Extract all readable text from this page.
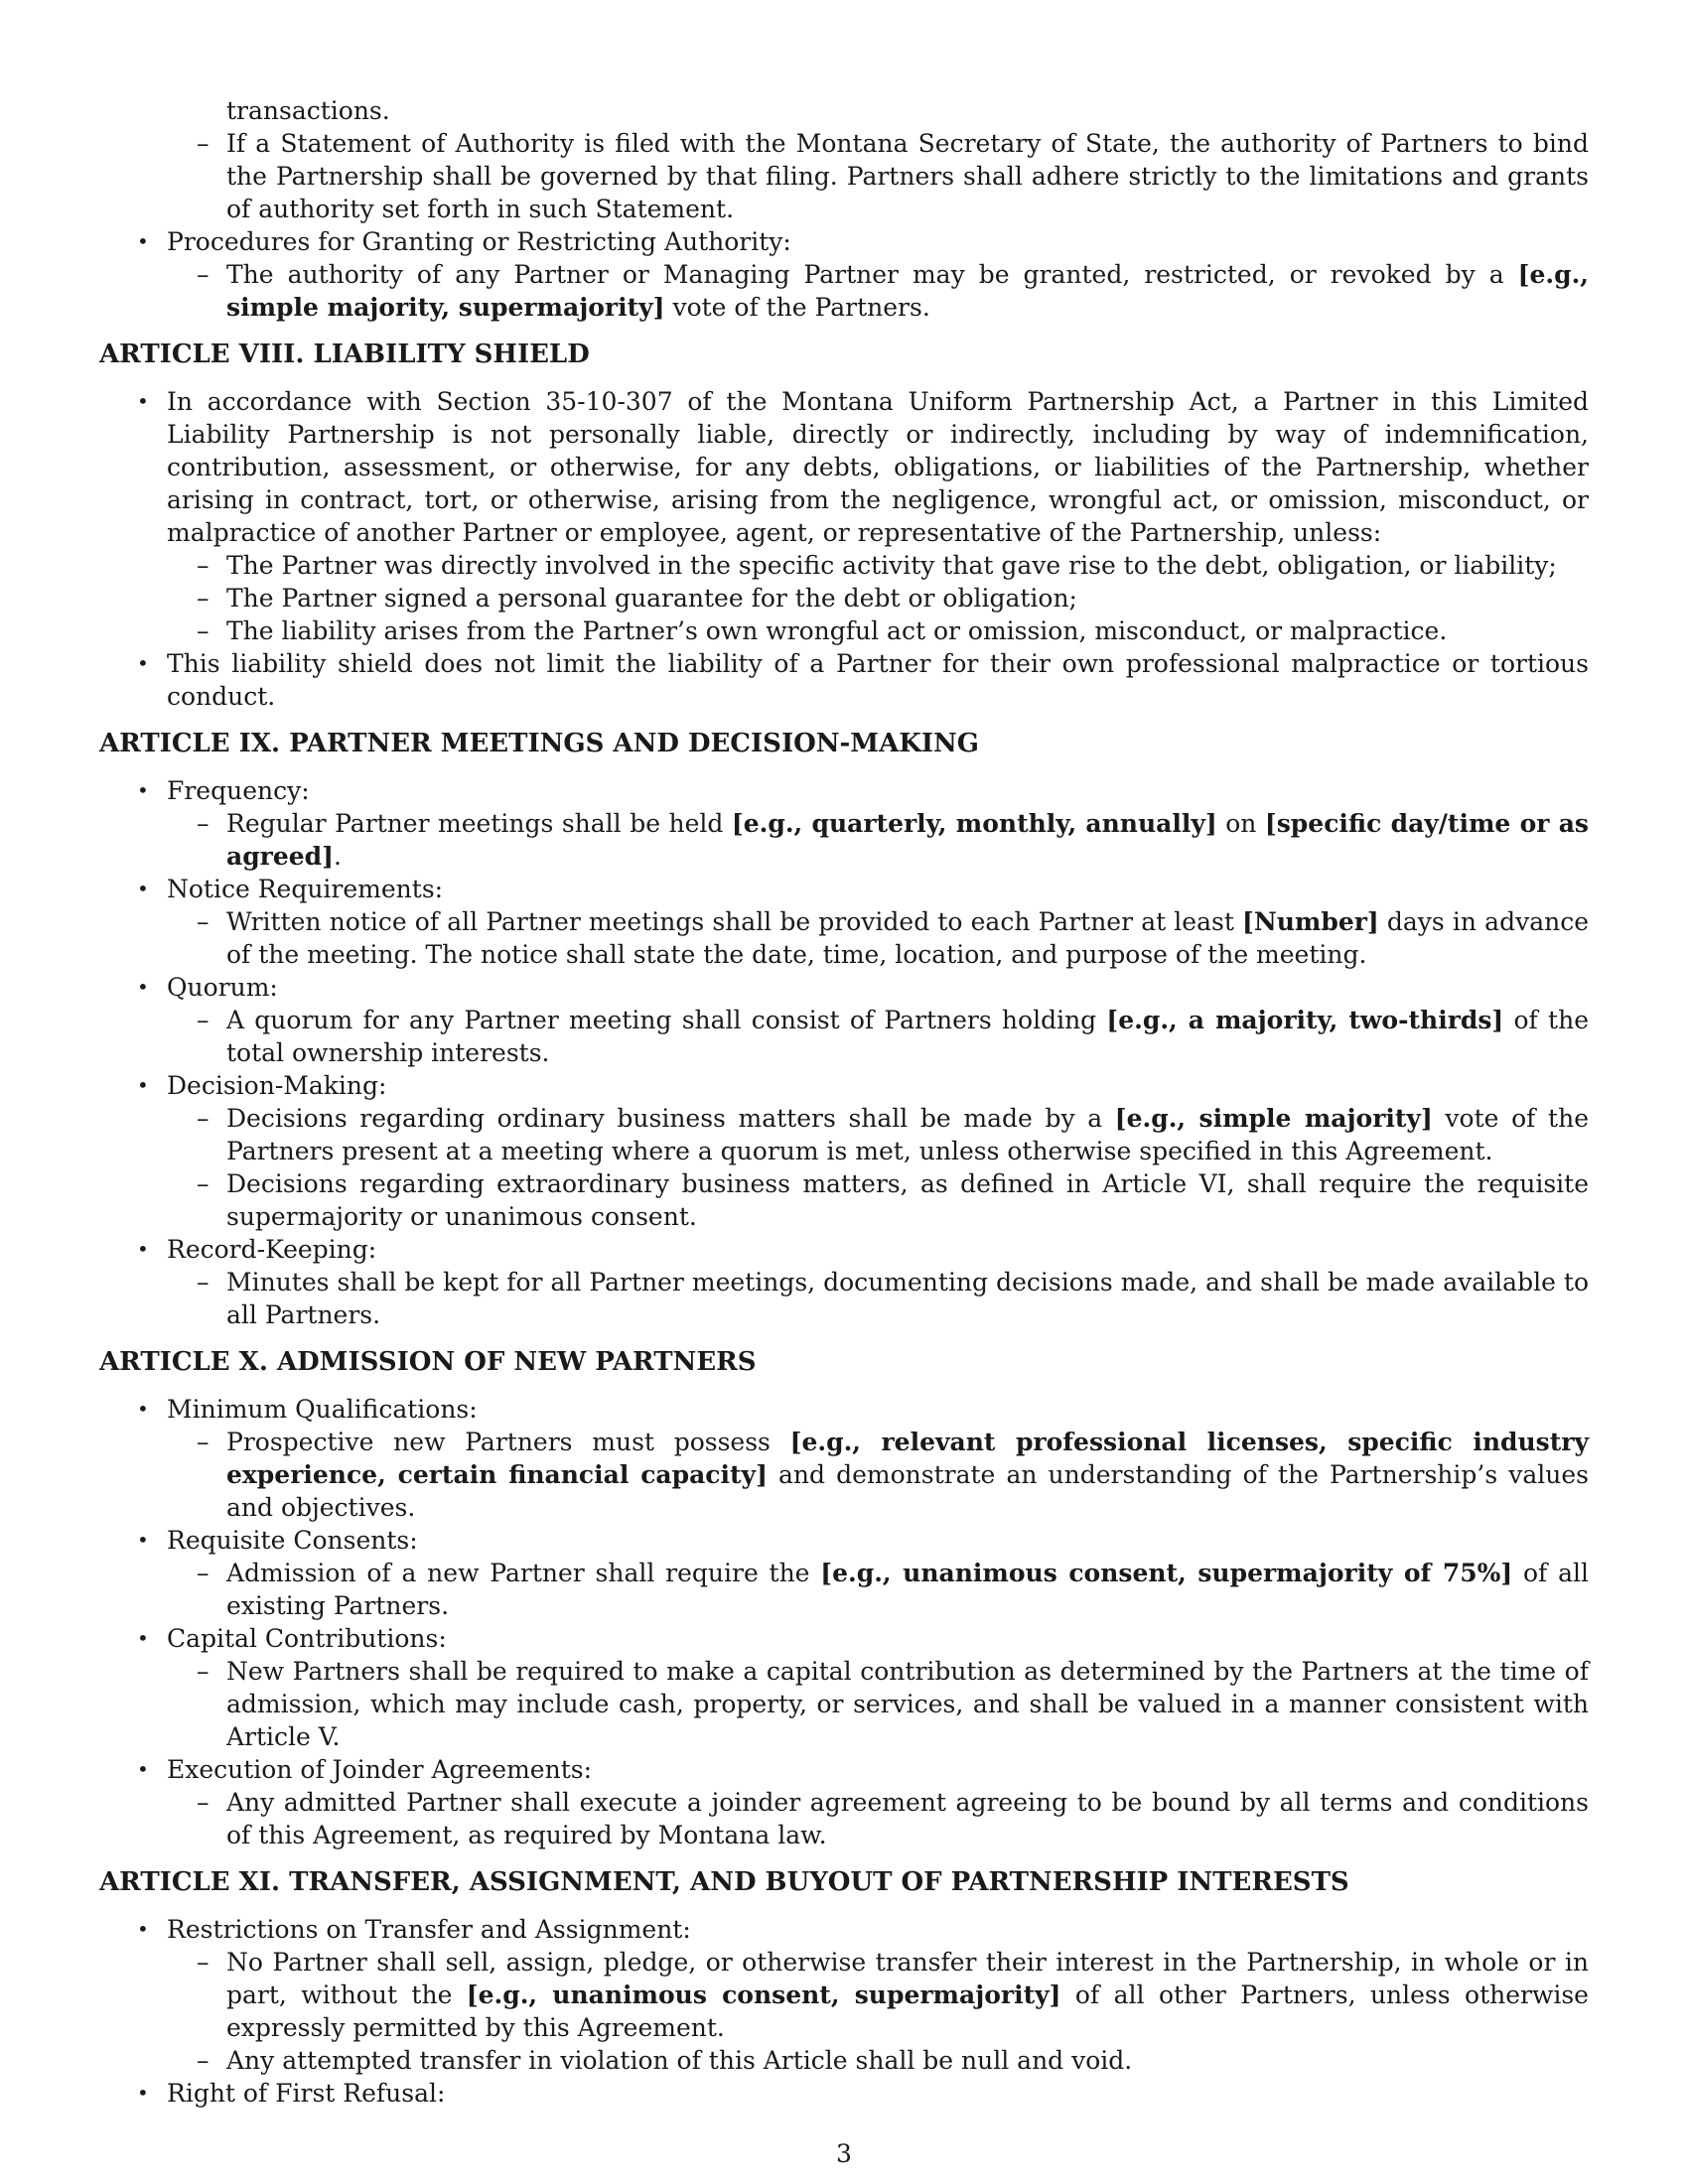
transactions.
– If a Statement of Authority is filed with the Montana Secretary of State, the authority of Partners to bind the Partnership shall be governed by that filing. Partners shall adhere strictly to the limitations and grants of authority set forth in such Statement.
• Procedures for Granting or Restricting Authority:
– The authority of any Partner or Managing Partner may be granted, restricted, or revoked by a [e.g., simple majority, supermajority] vote of the Partners.
ARTICLE VIII. LIABILITY SHIELD
• In accordance with Section 35-10-307 of the Montana Uniform Partnership Act, a Partner in this Limited Liability Partnership is not personally liable, directly or indirectly, including by way of indemnification, contribution, assessment, or otherwise, for any debts, obligations, or liabilities of the Partnership, whether arising in contract, tort, or otherwise, arising from the negligence, wrongful act, or omission, misconduct, or malpractice of another Partner or employee, agent, or representative of the Partnership, unless:
– The Partner was directly involved in the specific activity that gave rise to the debt, obligation, or liability;
– The Partner signed a personal guarantee for the debt or obligation;
– The liability arises from the Partner’s own wrongful act or omission, misconduct, or malpractice.
• This liability shield does not limit the liability of a Partner for their own professional malpractice or tortious conduct.
ARTICLE IX. PARTNER MEETINGS AND DECISION-MAKING
• Frequency:
– Regular Partner meetings shall be held [e.g., quarterly, monthly, annually] on [specific day/time or as agreed].
• Notice Requirements:
– Written notice of all Partner meetings shall be provided to each Partner at least [Number] days in advance of the meeting. The notice shall state the date, time, location, and purpose of the meeting.
• Quorum:
– A quorum for any Partner meeting shall consist of Partners holding [e.g., a majority, two-thirds] of the total ownership interests.
• Decision-Making:
– Decisions regarding ordinary business matters shall be made by a [e.g., simple majority] vote of the Partners present at a meeting where a quorum is met, unless otherwise specified in this Agreement.
– Decisions regarding extraordinary business matters, as defined in Article VI, shall require the requisite supermajority or unanimous consent.
• Record-Keeping:
– Minutes shall be kept for all Partner meetings, documenting decisions made, and shall be made available to all Partners.
ARTICLE X. ADMISSION OF NEW PARTNERS
• Minimum Qualifications:
– Prospective new Partners must possess [e.g., relevant professional licenses, specific industry experience, certain financial capacity] and demonstrate an understanding of the Partnership’s values and objectives.
• Requisite Consents:
– Admission of a new Partner shall require the [e.g., unanimous consent, supermajority of 75%] of all existing Partners.
• Capital Contributions:
– New Partners shall be required to make a capital contribution as determined by the Partners at the time of admission, which may include cash, property, or services, and shall be valued in a manner consistent with Article V.
• Execution of Joinder Agreements:
– Any admitted Partner shall execute a joinder agreement agreeing to be bound by all terms and conditions of this Agreement, as required by Montana law.
ARTICLE XI. TRANSFER, ASSIGNMENT, AND BUYOUT OF PARTNERSHIP INTERESTS
• Restrictions on Transfer and Assignment:
– No Partner shall sell, assign, pledge, or otherwise transfer their interest in the Partnership, in whole or in part, without the [e.g., unanimous consent, supermajority] of all other Partners, unless otherwise expressly permitted by this Agreement.
– Any attempted transfer in violation of this Article shall be null and void.
• Right of First Refusal:
3
